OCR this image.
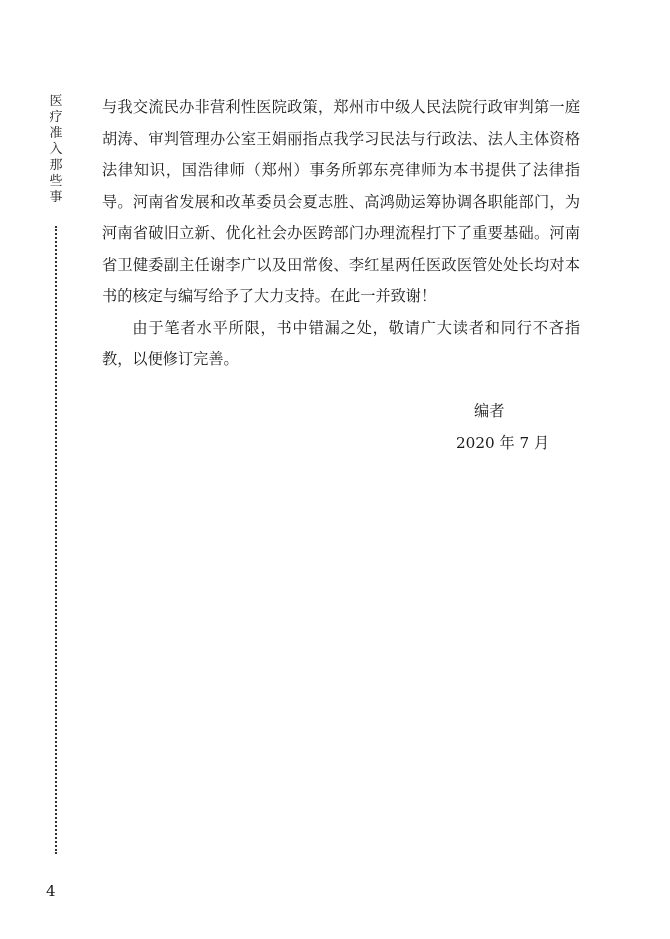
医
疗
准
入
那
些
事

与我交流民办非营利性医院政策，郑州市中级人民法院行政审判第一庭胡涛、审判管理办公室王娟丽指点我学习民法与行政法、法人主体资格法律知识，国浩律师（郑州）事务所郭东亮律师为本书提供了法律指导。河南省发展和改革委员会夏志胜、高鸿勋运筹协调各职能部门，为河南省破旧立新、优化社会办医跨部门办理流程打下了重要基础。河南省卫健委副主任谢李广以及田常俊、李红星两任医政医管处处长均对本书的核定与编写给予了大力支持。在此一并致谢！

由于笔者水平所限，书中错漏之处，敬请广大读者和同行不吝指教，以便修订完善。

编者
2020 年 7 月
4
